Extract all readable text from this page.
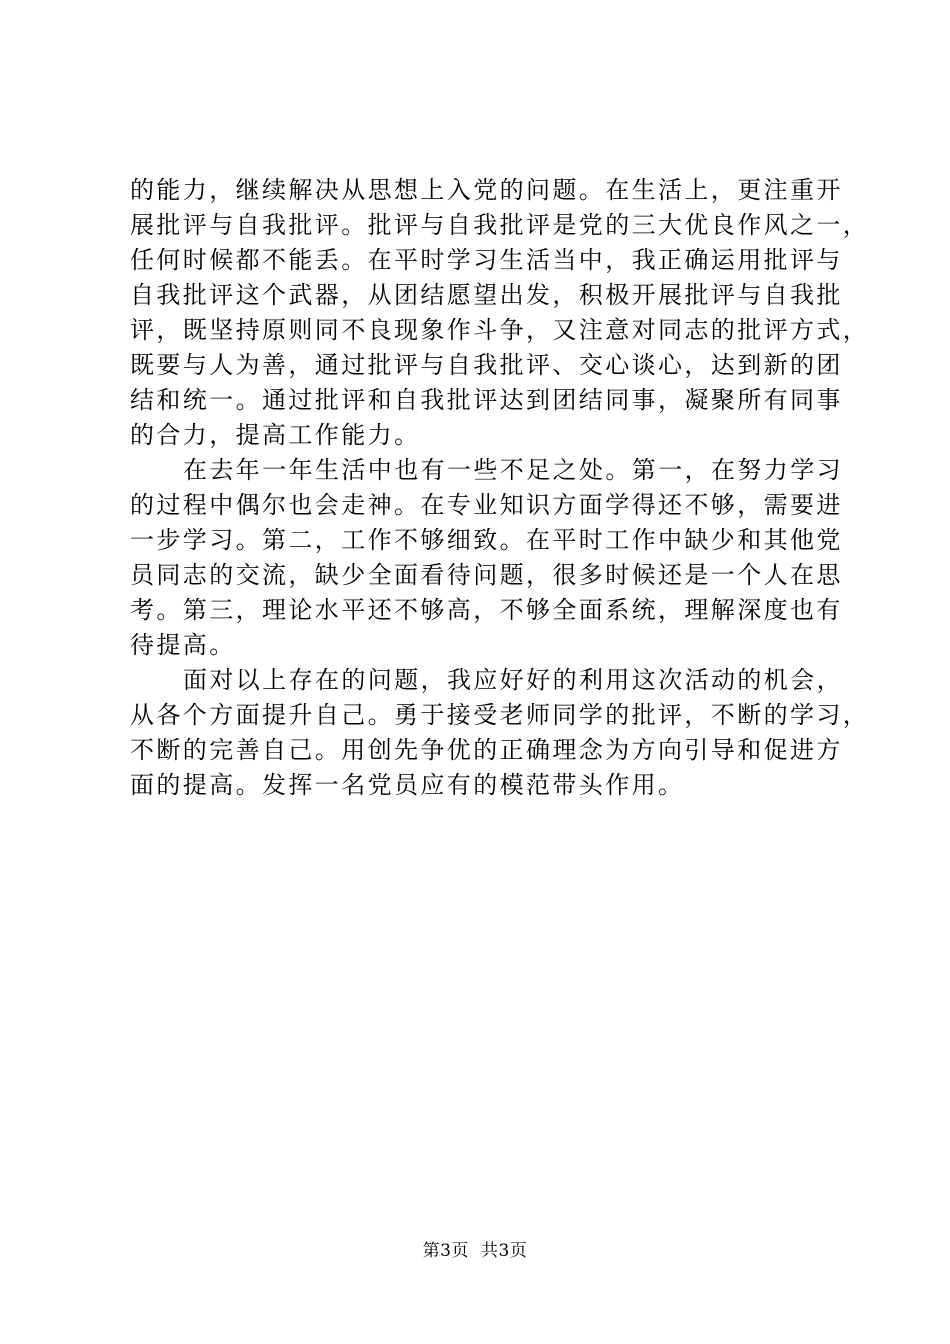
的能力，继续解决从思想上入党的问题。在生活上，更注重开
展批评与自我批评。批评与自我批评是党的三大优良作风之一，
任何时候都不能丢。在平时学习生活当中，我正确运用批评与
自我批评这个武器，从团结愿望出发，积极开展批评与自我批
评，既坚持原则同不良现象作斗争，又注意对同志的批评方式，
既要与人为善，通过批评与自我批评、交心谈心，达到新的团
结和统一。通过批评和自我批评达到团结同事，凝聚所有同事
的合力，提高工作能力。
在去年一年生活中也有一些不足之处。第一，在努力学习
的过程中偶尔也会走神。在专业知识方面学得还不够，需要进
一步学习。第二，工作不够细致。在平时工作中缺少和其他党
员同志的交流，缺少全面看待问题，很多时候还是一个人在思
考。第三，理论水平还不够高，不够全面系统，理解深度也有
待提高。
面对以上存在的问题，我应好好的利用这次活动的机会，
从各个方面提升自己。勇于接受老师同学的批评，不断的学习，
不断的完善自己。用创先争优的正确理念为方向引导和促进方
面的提高。发挥一名党员应有的模范带头作用。
第3页 共3页
